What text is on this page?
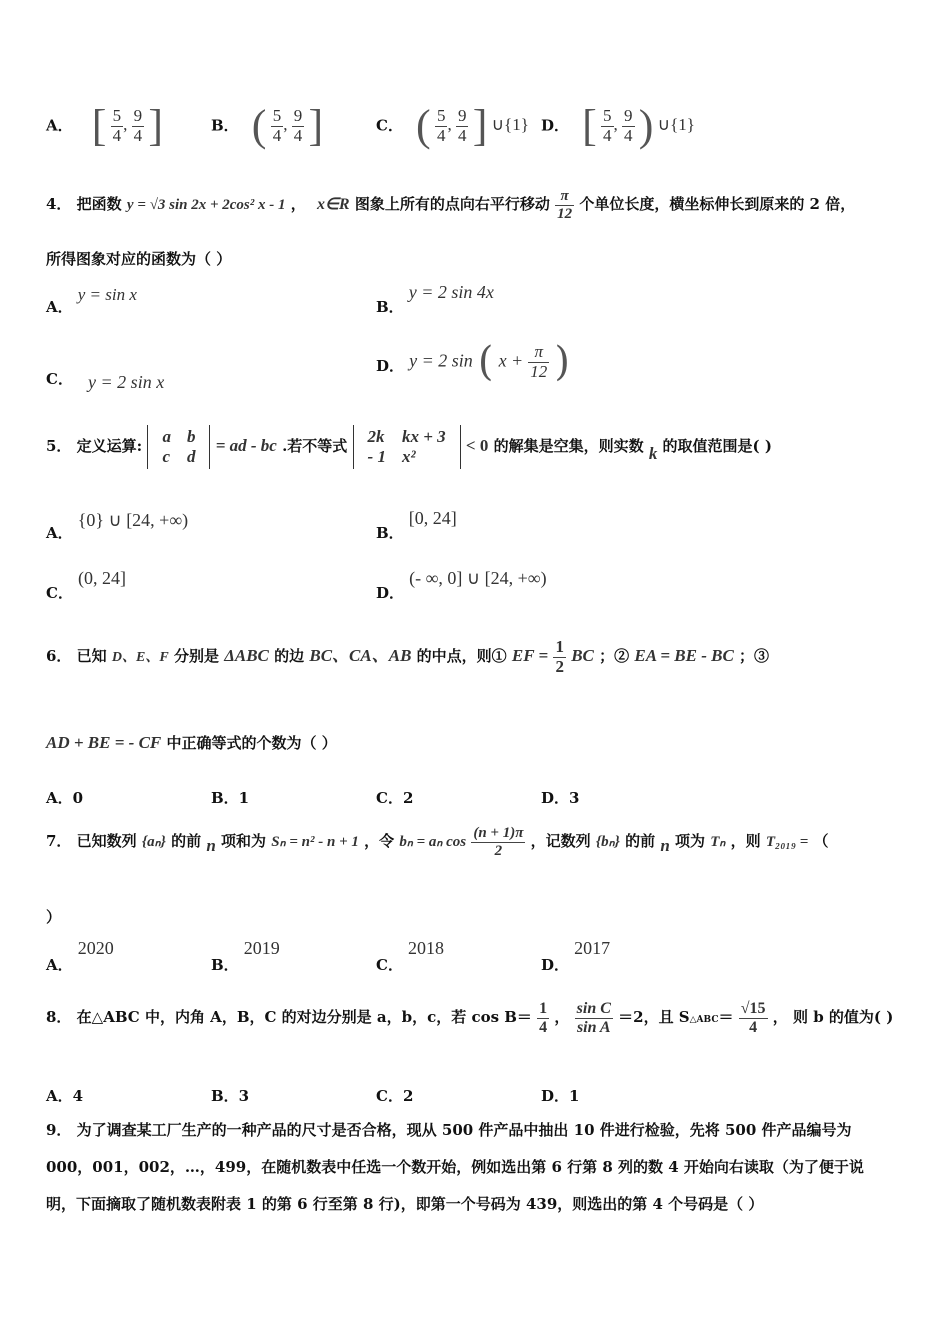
A． [ $\frac{5}{4}$ , $\frac{9}{4}$ ]	B． ( $\frac{5}{4}$ , $\frac{9}{4}$ ]	C． ( $\frac{5}{4}$ , $\frac{9}{4}$ ] ∪{1} D． [ $\frac{5}{4}$ , $\frac{9}{4}$ ) ∪{1}
4． 把函数 y = √3 sin 2x + 2cos² x - 1 ， x∈R 图象上所有的点向右平行移动 $\frac{\pi}{12}$ 个单位长度，横坐标伸长到原来的 2 倍，
所得图象对应的函数为（ ）
A． y = sin x
B． y = 2 sin 4x
C． y = 2 sin x
D． y = 2 sin ( $x + \frac{\pi}{12}$ )
5． 定义运算: a	b
c	d
= ad - bc .若不等式 2k	kx + 3
- 1	x²
< 0 的解集是空集，则实数 k 的取值范围是( )
A． {0} ∪ [24, +∞)
B． [0, 24]
C． (0, 24]
D． (- ∞, 0] ∪ [24, +∞)
6． 已知 D、E、F 分别是 ΔABC 的边 BC、CA、AB 的中点，则① EF = $\frac{1}{2}$ BC ；② EA = BE - BC ；③
AD + BE = - CF 中正确等式的个数为（ ）
A．0	B．1	C．2	D．3
7． 已知数列 {aₙ} 的前 n 项和为 Sₙ = n² - n + 1 ，令 bₙ = aₙ $\cos \frac{(n + 1)\pi}{2}$ ，记数列 {bₙ} 的前 n 项为 Tₙ ，则 T₂₀₁₉ = （
）
A． 2020
B． 2019
C． 2018
D． 2017
8． 在△ABC 中，内角 A，B，C 的对边分别是 a，b，c，若 $\cos B= \frac{1}{4}$ ， $\frac{\text{sin C}}{\text{sin A}} =2$，且 S△ABC＝ $\frac{√15}{4}$ ， 则 b 的值为( )
A．4	B．3	C．2	D．1
9． 为了调查某工厂生产的一种产品的尺寸是否合格，现从 500 件产品中抽出 10 件进行检验，先将 500 件产品编号为
000，001，002，…，499，在随机数表中任选一个数开始，例如选出第 6 行第 8 列的数 4 开始向右读取（为了便于说
明，下面摘取了随机数表附表 1 的第 6 行至第 8 行)，即第一个号码为 439，则选出的第 4 个号码是（ ）
